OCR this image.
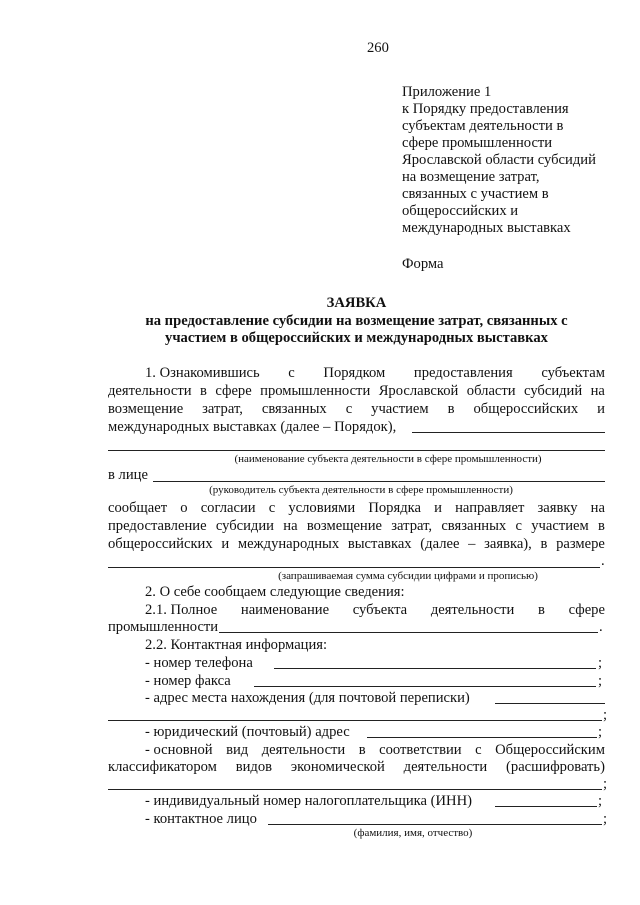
260
Приложение 1
к Порядку предоставления
субъектам деятельности в
сфере промышленности
Ярославской области субсидий
на возмещение затрат,
связанных с участием в
общероссийских и
международных выставках
Форма
ЗАЯВКА
на предоставление субсидии на возмещение затрат, связанных с
участием в общероссийских и международных выставках
1. Ознакомившись с Порядком предоставления субъектам
деятельности в сфере промышленности Ярославской области субсидий на
возмещение затрат, связанных с участием в общероссийских и
международных выставках (далее – Порядок),
(наименование субъекта деятельности в сфере промышленности)
в лице
(руководитель субъекта деятельности в сфере промышленности)
сообщает о согласии с условиями Порядка и направляет заявку на
предоставление субсидии на возмещение затрат, связанных с участием в
общероссийских и международных выставках (далее – заявка), в размере
.
(запрашиваемая сумма субсидии цифрами и прописью)
2. О себе сообщаем следующие сведения:
2.1. Полное наименование субъекта деятельности в сфере
промышленности	.
2.2. Контактная информация:
- номер телефона	;
- номер факса	;
- адрес места нахождения (для почтовой переписки)
;
- юридический (почтовый) адрес	;
- основной вид деятельности в соответствии с Общероссийским
классификатором видов экономической деятельности (расшифровать)
;
- индивидуальный номер налогоплательщика (ИНН)	;
- контактное лицо	;
(фамилия, имя, отчество)
